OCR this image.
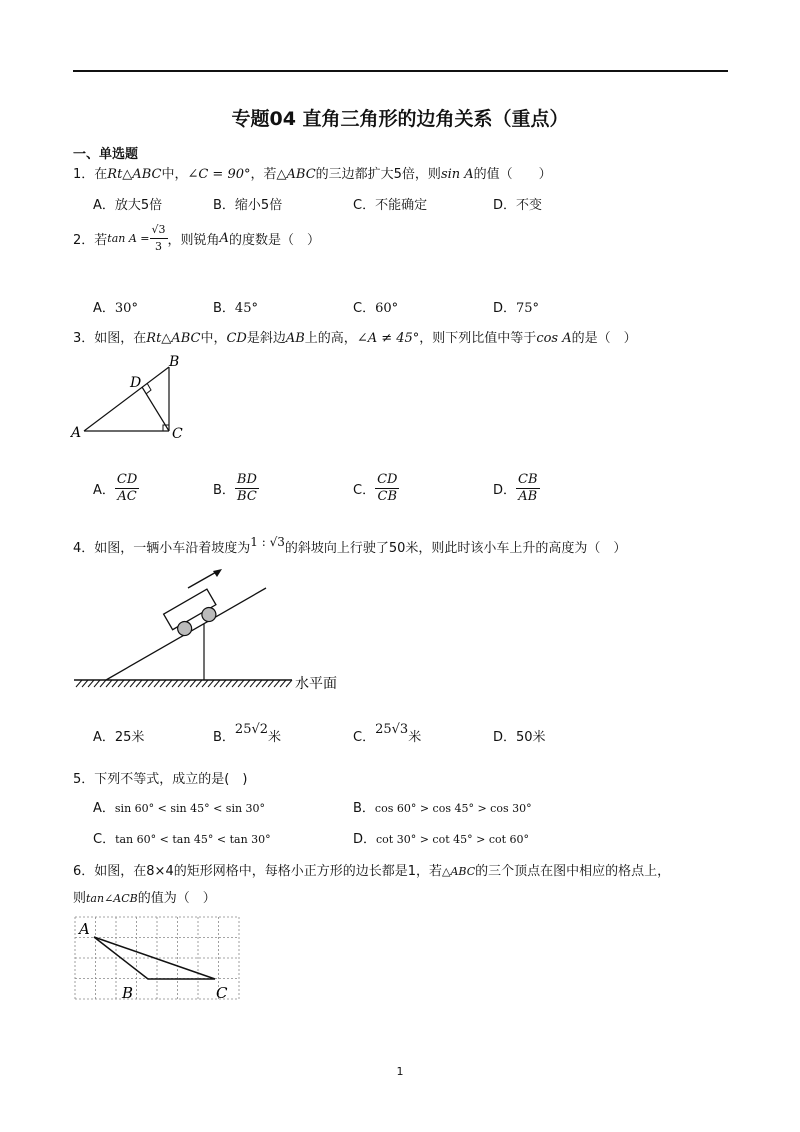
专题04 直角三角形的边角关系（重点）
一、单选题
1．在Rt△ABC中，∠C = 90°，若△ABC的三边都扩大5倍，则sin A的值（　　）
A．放大5倍	B．缩小5倍	C．不能确定	D．不变
2．若$\tan A = \frac{√3}{3}$ ，则锐角A的度数是（　）
A．30°	B．45°	C．60°	D．75°
3．如图，在Rt△ABC中，CD是斜边AB上的高，∠A ≠ 45°，则下列比值中等于cos A的是（　）
A
B
C
D
A． $\frac{CD}{AC}$	B． $\frac{BD}{BC}$	C． $\frac{CD}{CB}$	D． $\frac{CB}{AB}$
4．如图，一辆小车沿着坡度为1 : √3的斜坡向上行驶了50米，则此时该小车上升的高度为（　）
水平面
A．25米	B．25√2米	C．25√3米	D．50米
5．下列不等式，成立的是(　)
A．sin 60° < sin 45° < sin 30°	B．cos 60° > cos 45° > cos 30°
C．tan 60° < tan 45° < tan 30°	D．cot 30° > cot 45° > cot 60°
6．如图，在8×4的矩形网格中，每格小正方形的边长都是1，若△ABC的三个顶点在图中相应的格点上，
则tan∠ACB的值为（　）
A
B	C
1
